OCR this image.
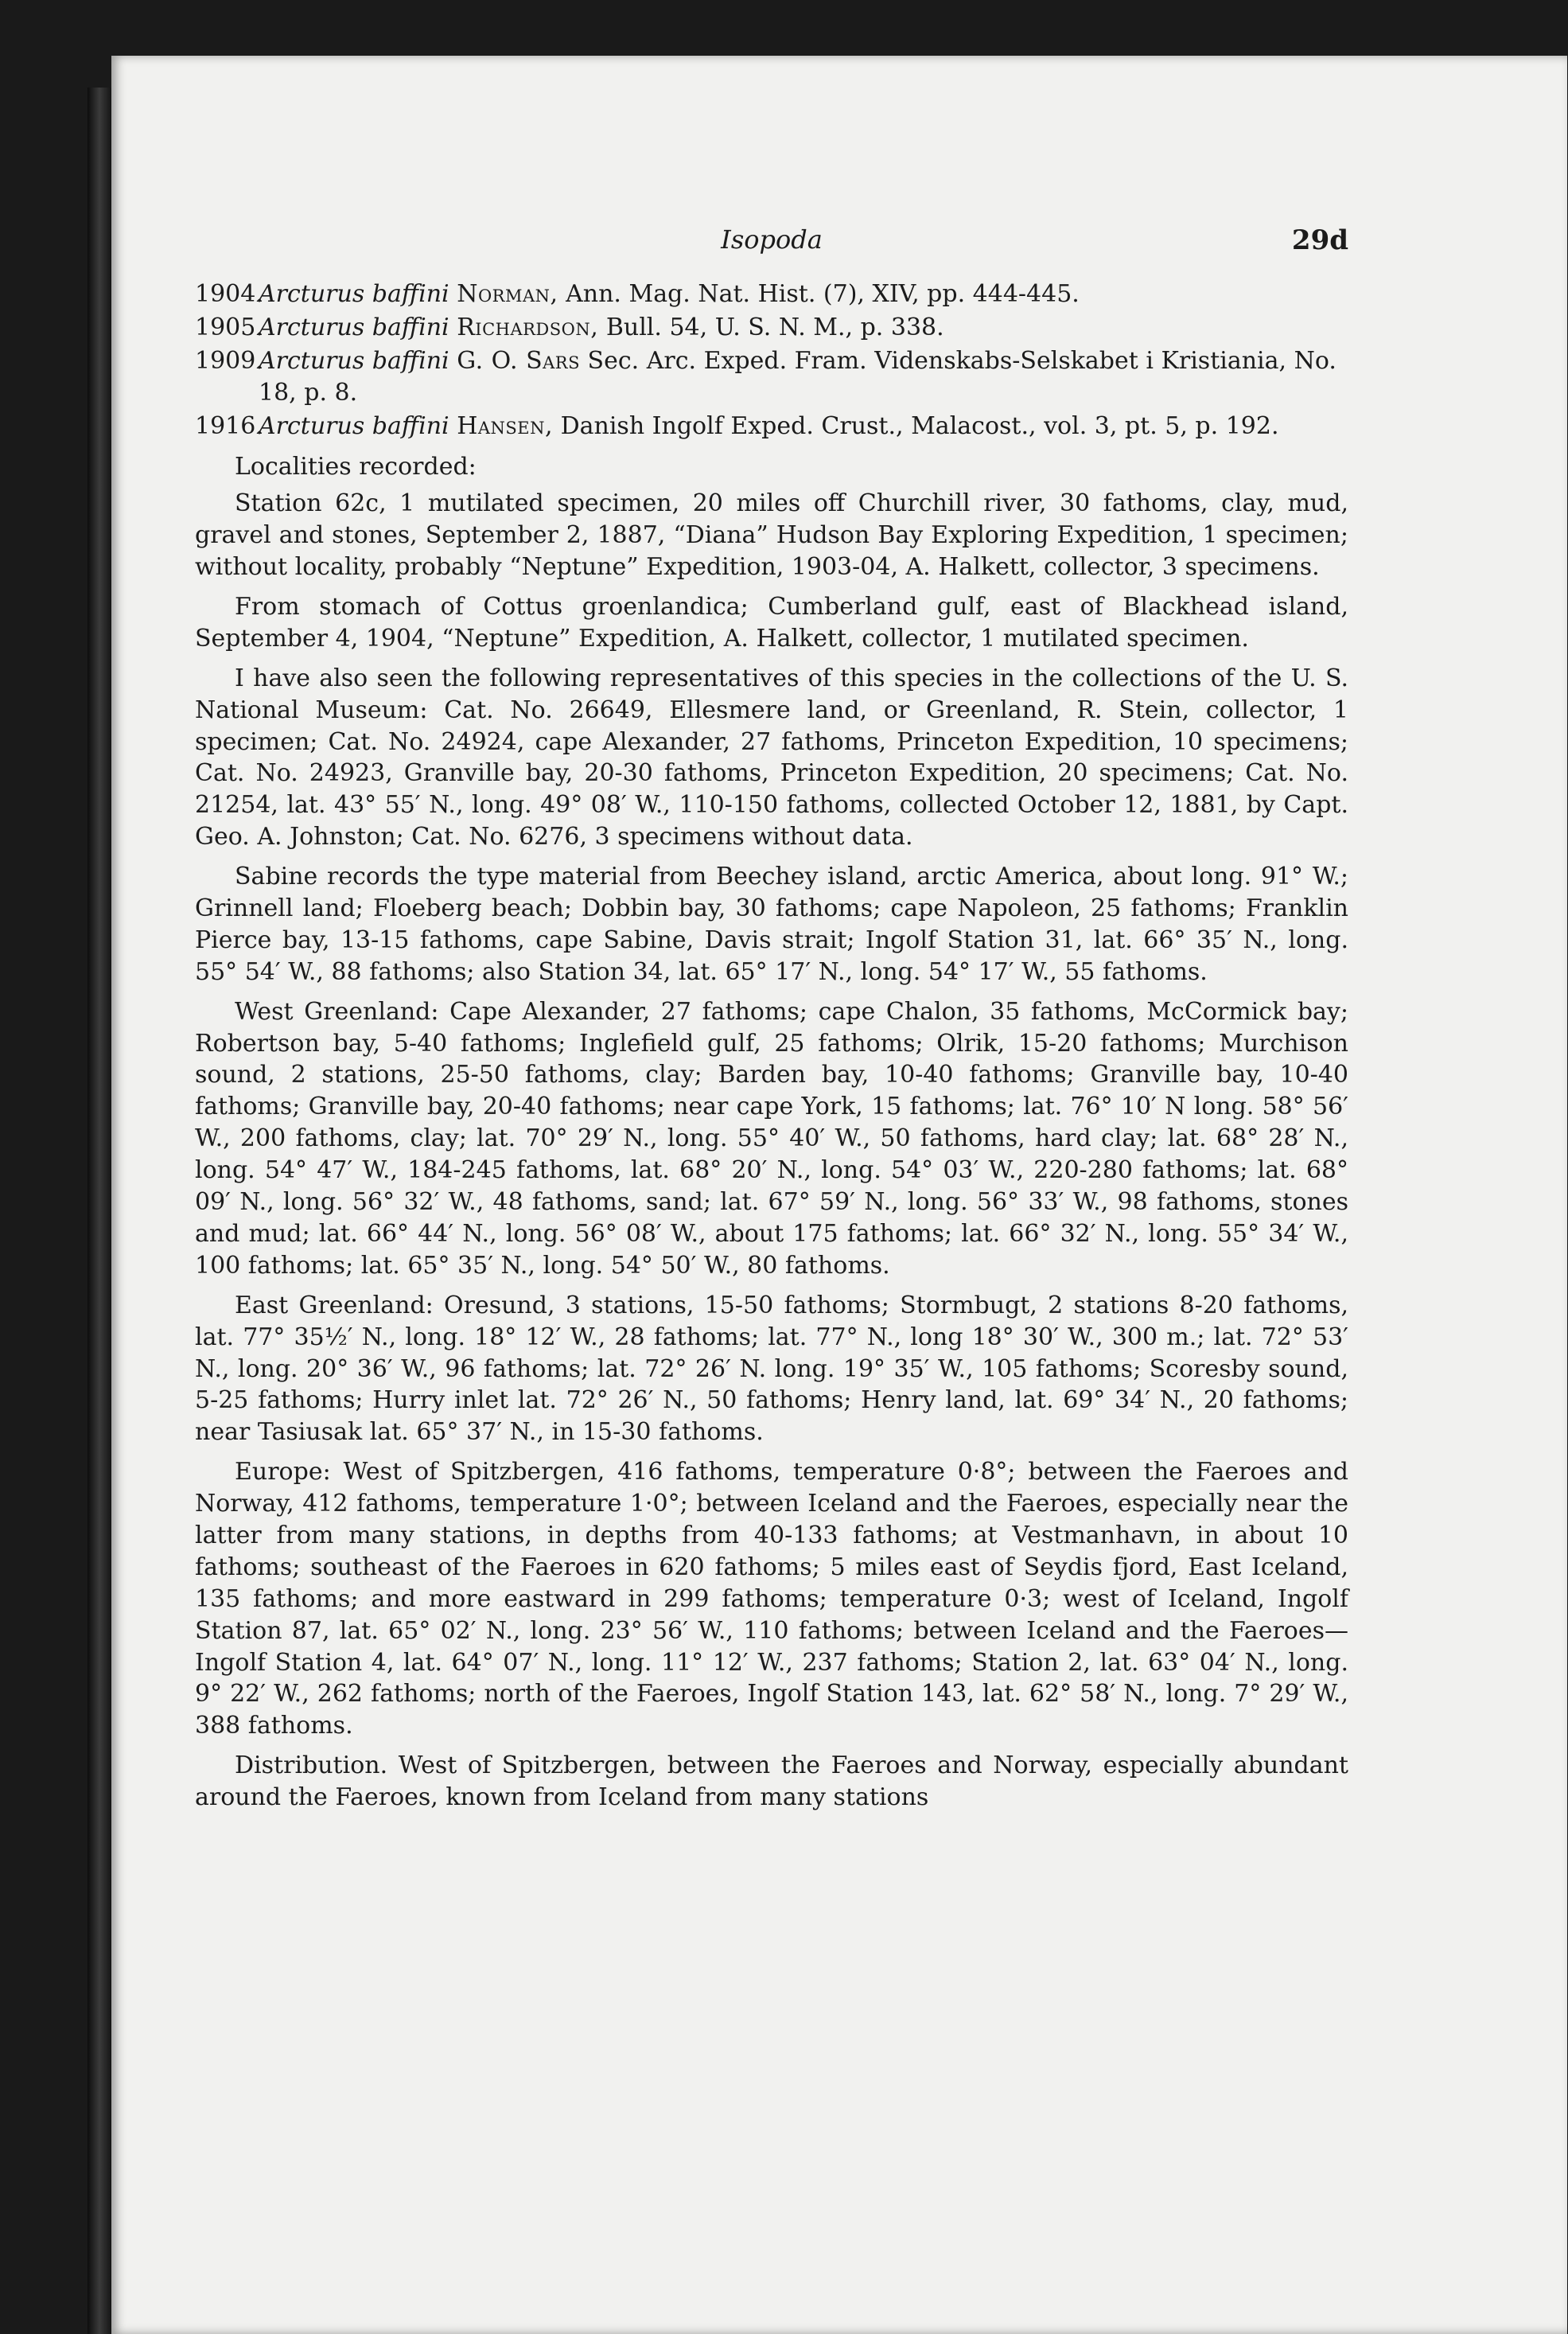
Isopoda	29d
1904.
Arcturus baffini Norman, Ann. Mag. Nat. Hist. (7), XIV, pp. 444-445.
1905.
Arcturus baffini Richardson, Bull. 54, U. S. N. M., p. 338.
1909.
Arcturus baffini G. O. Sars Sec. Arc. Exped. Fram. Videnskabs-Selskabet i Kristiania, No. 18, p. 8.
1916.
Arcturus baffini Hansen, Danish Ingolf Exped. Crust., Malacost., vol. 3, pt. 5, p. 192.
Localities recorded:

Station 62c, 1 mutilated specimen, 20 miles off Churchill river, 30 fathoms, clay, mud, gravel and stones, September 2, 1887, “Diana” Hudson Bay Exploring Expedition, 1 specimen; without locality, probably “Neptune” Expedition, 1903-04, A. Halkett, collector, 3 specimens.

From stomach of Cottus groenlandica; Cumberland gulf, east of Blackhead island, September 4, 1904, “Neptune” Expedition, A. Halkett, collector, 1 mutilated specimen.

I have also seen the following representatives of this species in the collections of the U. S. National Museum: Cat. No. 26649, Ellesmere land, or Greenland, R. Stein, collector, 1 specimen; Cat. No. 24924, cape Alexander, 27 fathoms, Princeton Expedition, 10 specimens; Cat. No. 24923, Granville bay, 20-30 fathoms, Princeton Expedition, 20 specimens; Cat. No. 21254, lat. 43° 55′ N., long. 49° 08′ W., 110-150 fathoms, collected October 12, 1881, by Capt. Geo. A. Johnston; Cat. No. 6276, 3 specimens without data.

Sabine records the type material from Beechey island, arctic America, about long. 91° W.; Grinnell land; Floeberg beach; Dobbin bay, 30 fathoms; cape Napoleon, 25 fathoms; Franklin Pierce bay, 13-15 fathoms, cape Sabine, Davis strait; Ingolf Station 31, lat. 66° 35′ N., long. 55° 54′ W., 88 fathoms; also Station 34, lat. 65° 17′ N., long. 54° 17′ W., 55 fathoms.

West Greenland: Cape Alexander, 27 fathoms; cape Chalon, 35 fathoms, McCormick bay; Robertson bay, 5-40 fathoms; Inglefield gulf, 25 fathoms; Olrik, 15-20 fathoms; Murchison sound, 2 stations, 25-50 fathoms, clay; Barden bay, 10-40 fathoms; Granville bay, 10-40 fathoms; Granville bay, 20-40 fathoms; near cape York, 15 fathoms; lat. 76° 10′ N long. 58° 56′ W., 200 fathoms, clay; lat. 70° 29′ N., long. 55° 40′ W., 50 fathoms, hard clay; lat. 68° 28′ N., long. 54° 47′ W., 184-245 fathoms, lat. 68° 20′ N., long. 54° 03′ W., 220-280 fathoms; lat. 68° 09′ N., long. 56° 32′ W., 48 fathoms, sand; lat. 67° 59′ N., long. 56° 33′ W., 98 fathoms, stones and mud; lat. 66° 44′ N., long. 56° 08′ W., about 175 fathoms; lat. 66° 32′ N., long. 55° 34′ W., 100 fathoms; lat. 65° 35′ N., long. 54° 50′ W., 80 fathoms.

East Greenland: Oresund, 3 stations, 15-50 fathoms; Stormbugt, 2 stations 8-20 fathoms, lat. 77° 35½′ N., long. 18° 12′ W., 28 fathoms; lat. 77° N., long 18° 30′ W., 300 m.; lat. 72° 53′ N., long. 20° 36′ W., 96 fathoms; lat. 72° 26′ N. long. 19° 35′ W., 105 fathoms; Scoresby sound, 5-25 fathoms; Hurry inlet lat. 72° 26′ N., 50 fathoms; Henry land, lat. 69° 34′ N., 20 fathoms; near Tasiusak lat. 65° 37′ N., in 15-30 fathoms.

Europe: West of Spitzbergen, 416 fathoms, temperature 0·8°; between the Faeroes and Norway, 412 fathoms, temperature 1·0°; between Iceland and the Faeroes, especially near the latter from many stations, in depths from 40-133 fathoms; at Vestmanhavn, in about 10 fathoms; southeast of the Faeroes in 620 fathoms; 5 miles east of Seydis fjord, East Iceland, 135 fathoms; and more eastward in 299 fathoms; temperature 0·3; west of Iceland, Ingolf Station 87, lat. 65° 02′ N., long. 23° 56′ W., 110 fathoms; between Iceland and the Faeroes—Ingolf Station 4, lat. 64° 07′ N., long. 11° 12′ W., 237 fathoms; Station 2, lat. 63° 04′ N., long. 9° 22′ W., 262 fathoms; north of the Faeroes, Ingolf Station 143, lat. 62° 58′ N., long. 7° 29′ W., 388 fathoms.

Distribution. West of Spitzbergen, between the Faeroes and Norway, especially abundant around the Faeroes, known from Iceland from many stations
